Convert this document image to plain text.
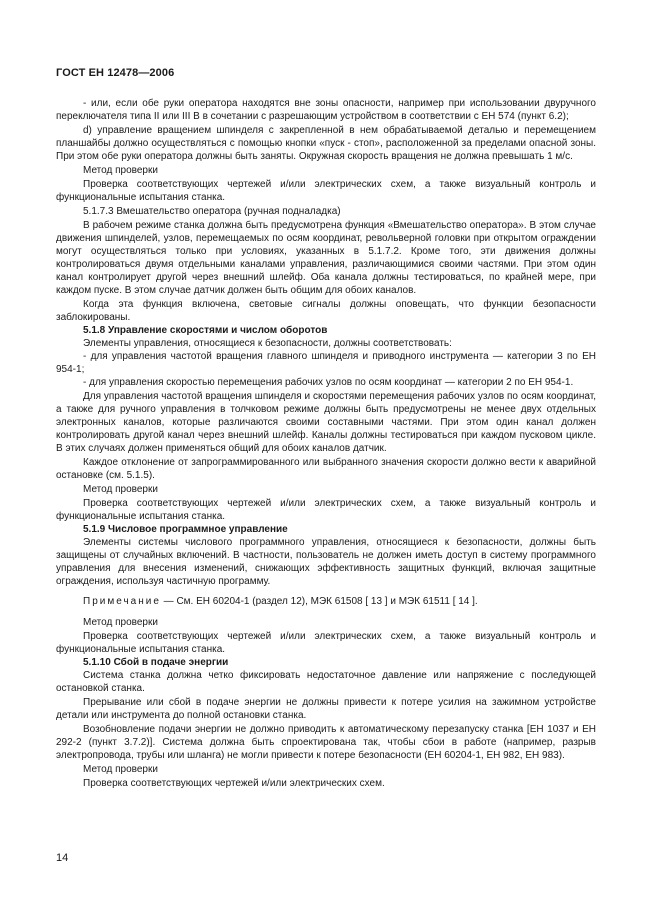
ГОСТ ЕН 12478—2006

- или, если обе руки оператора находятся вне зоны опасности, например при использовании двуручного переключателя типа II или III В в сочетании с разрешающим устройством в соответствии с ЕН 574 (пункт 6.2);

d) управление вращением шпинделя с закрепленной в нем обрабатываемой деталью и перемещением планшайбы должно осуществляться с помощью кнопки «пуск - стоп», расположенной за пределами опасной зоны. При этом обе руки оператора должны быть заняты. Окружная скорость вращения не должна превышать 1 м/с.

Метод проверки

Проверка соответствующих чертежей и/или электрических схем, а также визуальный контроль и функциональные испытания станка.

5.1.7.3 Вмешательство оператора (ручная подналадка)

В рабочем режиме станка должна быть предусмотрена функция «Вмешательство оператора». В этом случае движения шпинделей, узлов, перемещаемых по осям координат, револьверной головки при открытом ограждении могут осуществляться только при условиях, указанных в 5.1.7.2. Кроме того, эти движения должны контролироваться двумя отдельными каналами управления, различающимися своими частями. При этом один канал контролирует другой через внешний шлейф. Оба канала должны тестироваться, по крайней мере, при каждом пуске. В этом случае датчик должен быть общим для обоих каналов.

Когда эта функция включена, световые сигналы должны оповещать, что функции безопасности заблокированы.

5.1.8 Управление скоростями и числом оборотов

Элементы управления, относящиеся к безопасности, должны соответствовать:

- для управления частотой вращения главного шпинделя и приводного инструмента — категории 3 по ЕН 954-1;

- для управления скоростью перемещения рабочих узлов по осям координат — категории 2 по ЕН 954-1.

Для управления частотой вращения шпинделя и скоростями перемещения рабочих узлов по осям координат, а также для ручного управления в толчковом режиме должны быть предусмотрены не менее двух отдельных электронных каналов, которые различаются своими составными частями. При этом один канал должен контролировать другой канал через внешний шлейф. Каналы должны тестироваться при каждом пусковом цикле. В этих случаях должен применяться общий для обоих каналов датчик.

Каждое отклонение от запрограммированного или выбранного значения скорости должно вести к аварийной остановке (см. 5.1.5).

Метод проверки

Проверка соответствующих чертежей и/или электрических схем, а также визуальный контроль и функциональные испытания станка.

5.1.9 Числовое программное управление

Элементы системы числового программного управления, относящиеся к безопасности, должны быть защищены от случайных включений. В частности, пользователь не должен иметь доступ в систему программного управления для внесения изменений, снижающих эффективность защитных функций, включая защитные ограждения, используя частичную программу.

Примечание — См. ЕН 60204-1 (раздел 12), МЭК 61508 [ 13 ] и МЭК 61511 [ 14 ].

Метод проверки

Проверка соответствующих чертежей и/или электрических схем, а также визуальный контроль и функциональные испытания станка.

5.1.10 Сбой в подаче энергии

Система станка должна четко фиксировать недостаточное давление или напряжение с последующей остановкой станка.

Прерывание или сбой в подаче энергии не должны привести к потере усилия на зажимном устройстве детали или инструмента до полной остановки станка.

Возобновление подачи энергии не должно приводить к автоматическому перезапуску станка [ЕН 1037 и ЕН 292-2 (пункт 3.7.2)]. Система должна быть спроектирована так, чтобы сбои в работе (например, разрыв электропровода, трубы или шланга) не могли привести к потере безопасности (ЕН 60204-1, ЕН 982, ЕН 983).

Метод проверки

Проверка соответствующих чертежей и/или электрических схем.

14
